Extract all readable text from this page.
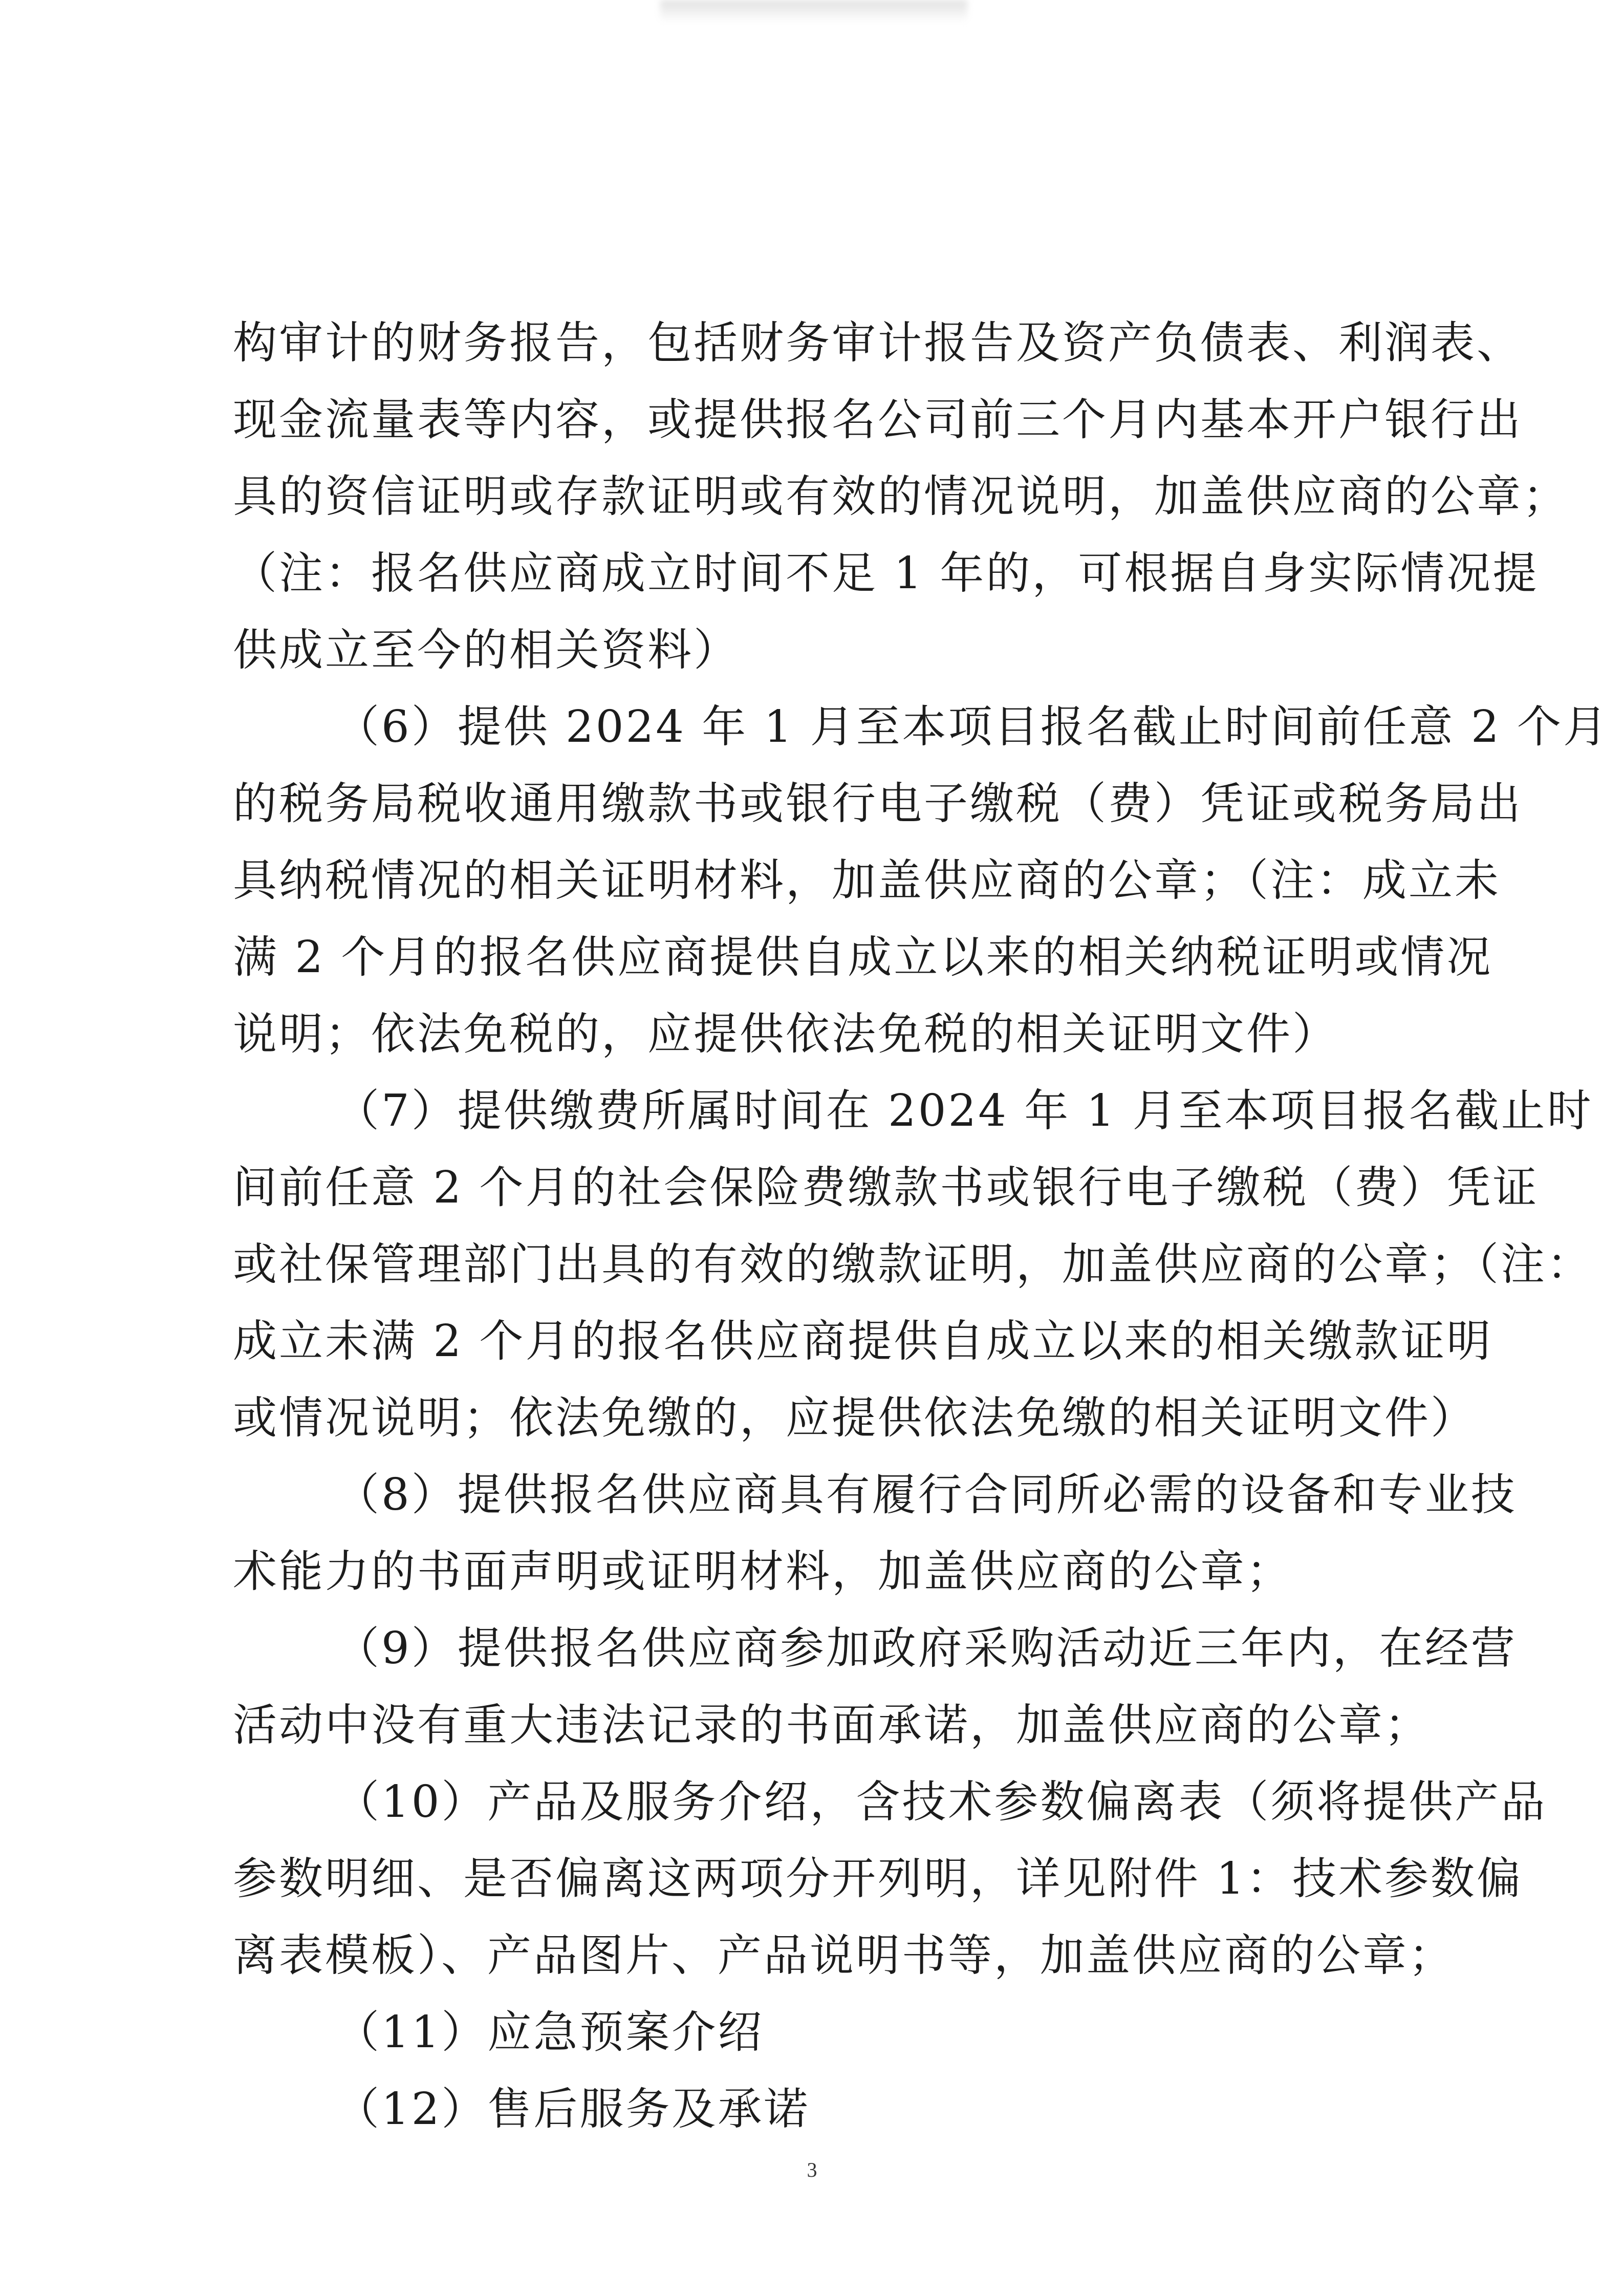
构审计的财务报告，包括财务审计报告及资产负债表、利润表、
现金流量表等内容，或提供报名公司前三个月内基本开户银行出
具的资信证明或存款证明或有效的情况说明，加盖供应商的公章；
（注：报名供应商成立时间不足 1 年的，可根据自身实际情况提
供成立至今的相关资料）
（6）提供 2024 年 1 月至本项目报名截止时间前任意 2 个月
的税务局税收通用缴款书或银行电子缴税（费）凭证或税务局出
具纳税情况的相关证明材料，加盖供应商的公章；（注：成立未
满 2 个月的报名供应商提供自成立以来的相关纳税证明或情况
说明；依法免税的，应提供依法免税的相关证明文件）
（7）提供缴费所属时间在 2024 年 1 月至本项目报名截止时
间前任意 2 个月的社会保险费缴款书或银行电子缴税（费）凭证
或社保管理部门出具的有效的缴款证明，加盖供应商的公章；（注：
成立未满 2 个月的报名供应商提供自成立以来的相关缴款证明
或情况说明；依法免缴的，应提供依法免缴的相关证明文件）
（8）提供报名供应商具有履行合同所必需的设备和专业技
术能力的书面声明或证明材料，加盖供应商的公章；
（9）提供报名供应商参加政府采购活动近三年内，在经营
活动中没有重大违法记录的书面承诺，加盖供应商的公章；
（10）产品及服务介绍，含技术参数偏离表（须将提供产品
参数明细、是否偏离这两项分开列明，详见附件 1：技术参数偏
离表模板）、产品图片、产品说明书等，加盖供应商的公章；
（11）应急预案介绍
（12）售后服务及承诺
3
